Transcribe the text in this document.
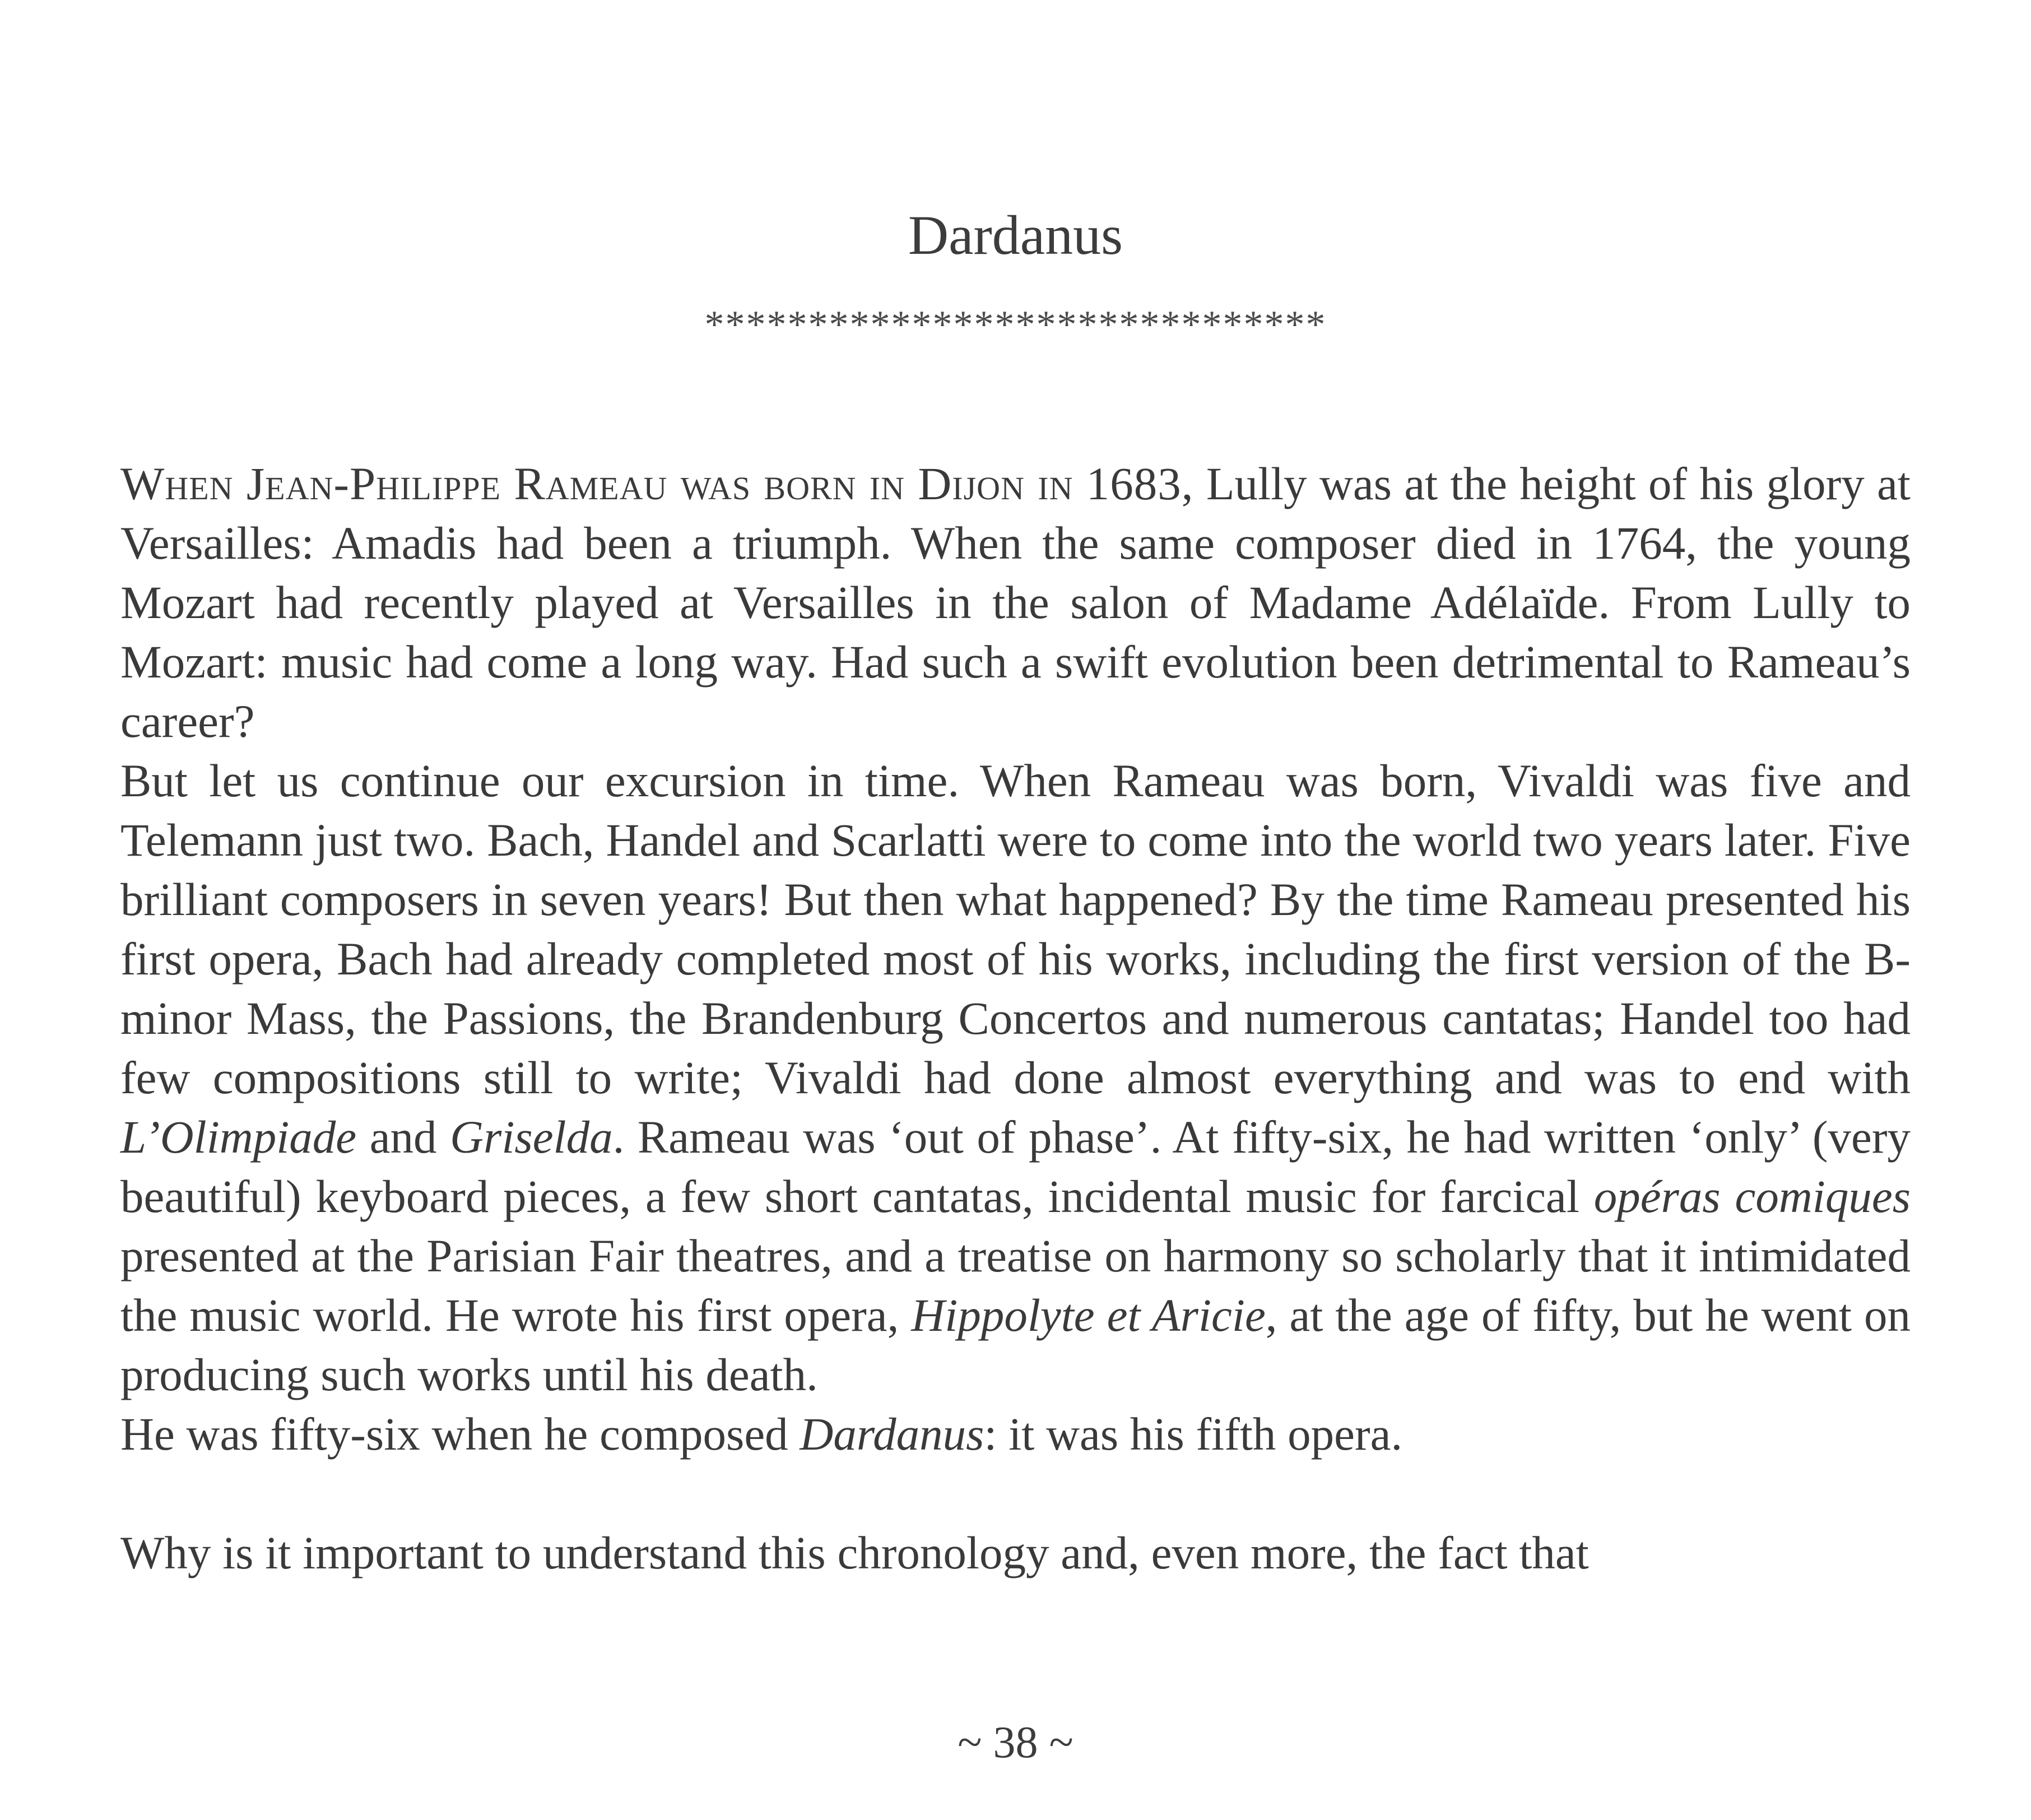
Dardanus
******************************

When Jean-Philippe Rameau was born in Dijon in 1683, Lully was at the height of his glory at Versailles: Amadis had been a triumph. When the same composer died in 1764, the young Mozart had recently played at Versailles in the salon of Madame Adélaïde. From Lully to Mozart: music had come a long way. Had such a swift evolution been detrimental to Rameau’s career?

But let us continue our excursion in time. When Rameau was born, Vivaldi was five and Telemann just two. Bach, Handel and Scarlatti were to come into the world two years later. Five brilliant composers in seven years! But then what happened? By the time Rameau presented his first opera, Bach had already completed most of his works, including the first version of the B-minor Mass, the Passions, the Brandenburg Concertos and numerous cantatas; Handel too had few compositions still to write; Vivaldi had done almost everything and was to end with L’Olimpiade and Griselda. Rameau was ‘out of phase’. At fifty-six, he had written ‘only’ (very beautiful) keyboard pieces, a few short cantatas, incidental music for farcical opéras comiques presented at the Parisian Fair theatres, and a treatise on harmony so scholarly that it intimidated the music world. He wrote his first opera, Hippolyte et Aricie, at the age of fifty, but he went on producing such works until his death.

He was fifty-six when he composed Dardanus: it was his fifth opera.

Why is it important to understand this chronology and, even more, the fact that

~ 38 ~
